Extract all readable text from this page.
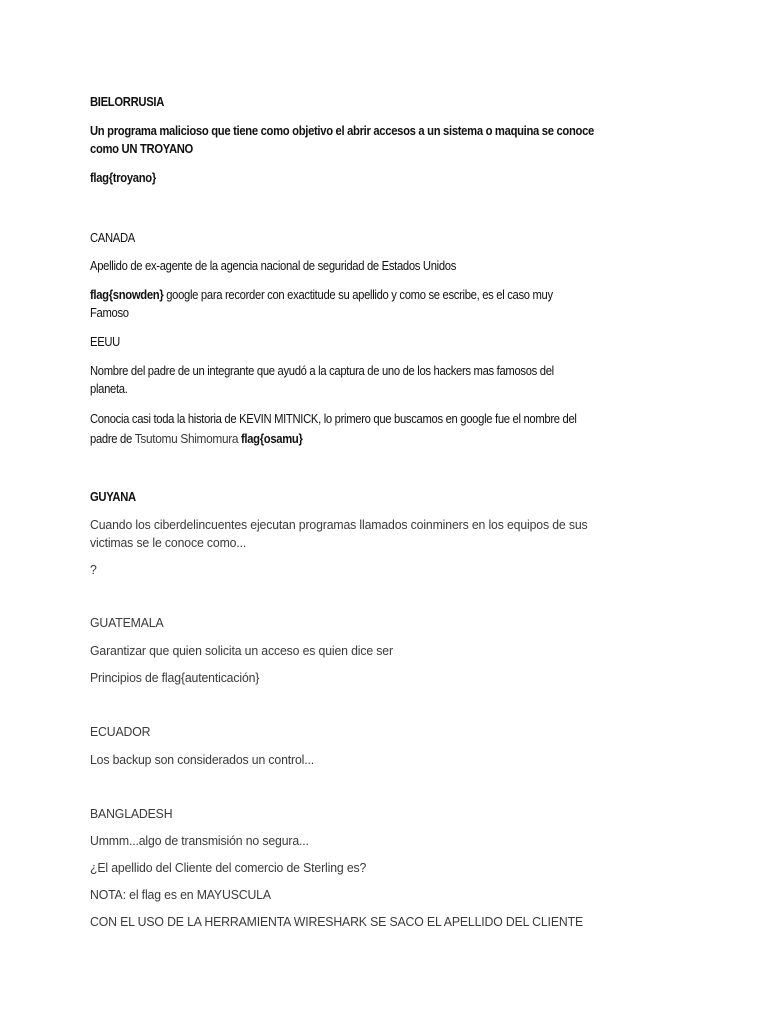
BIELORRUSIA

Un programa malicioso que tiene como objetivo el abrir accesos a un sistema o maquina se conoce

como UN TROYANO

flag{troyano}

CANADA

Apellido de ex-agente de la agencia nacional de seguridad de Estados Unidos

flag{snowden} google para recorder con exactitude su apellido y como se escribe, es el caso muy

Famoso

EEUU

Nombre del padre de un integrante que ayudó a la captura de uno de los hackers mas famosos del

planeta.

Conocia casi toda la historia de KEVIN MITNICK, lo primero que buscamos en google fue el nombre del

padre de Tsutomu Shimomura flag{osamu}

GUYANA

Cuando los ciberdelincuentes ejecutan programas llamados coinminers en los equipos de sus

victimas se le conoce como...

?

GUATEMALA

Garantizar que quien solicita un acceso es quien dice ser

Principios de flag{autenticación}

ECUADOR

Los backup son considerados un control...

BANGLADESH

Ummm...algo de transmisión no segura...

¿El apellido del Cliente del comercio de Sterling es?

NOTA: el flag es en MAYUSCULA

CON EL USO DE LA HERRAMIENTA WIRESHARK SE SACO EL APELLIDO DEL CLIENTE
